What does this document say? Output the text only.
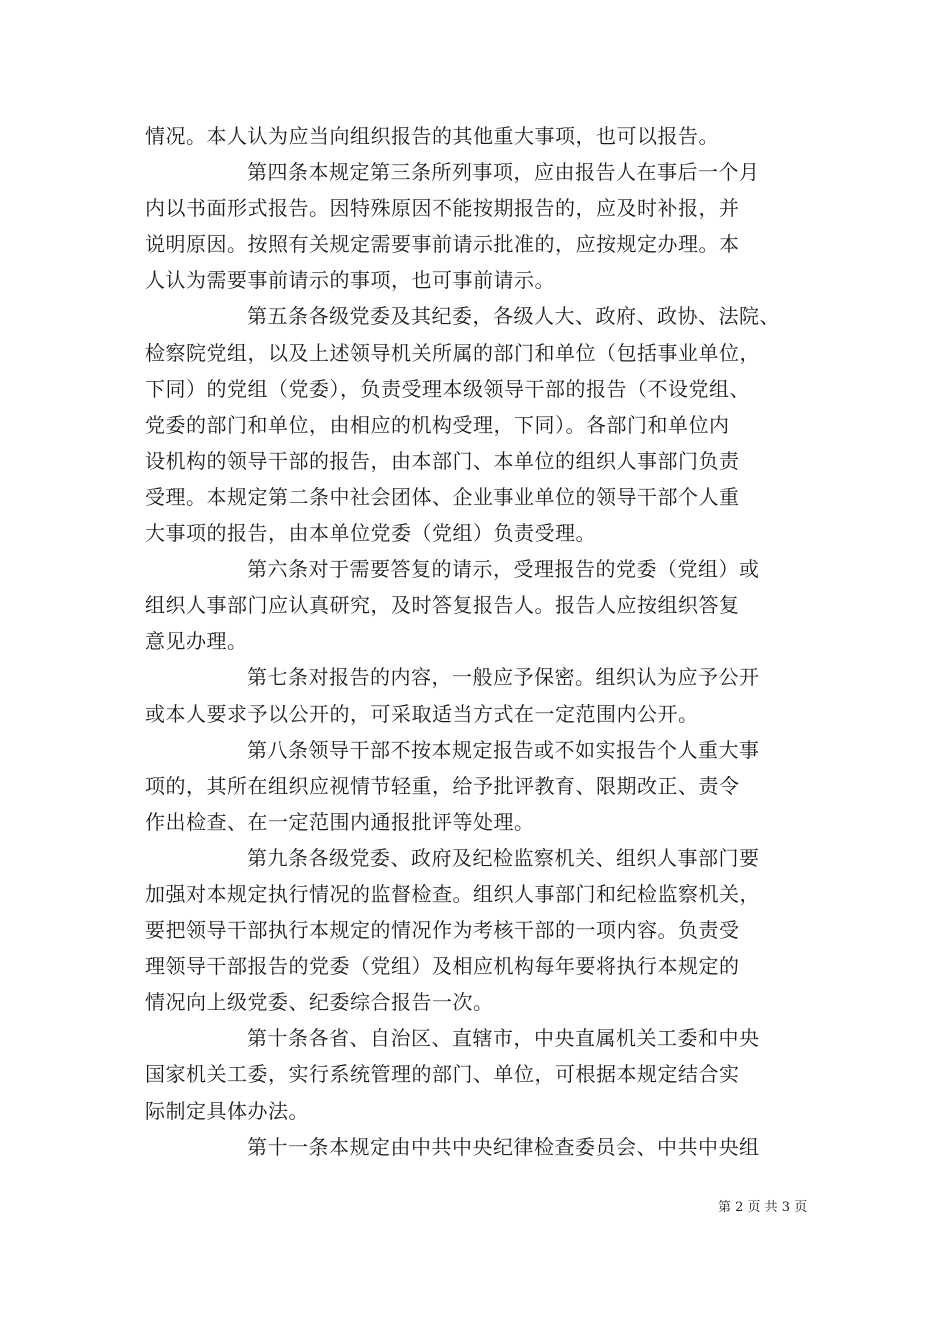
情况。本人认为应当向组织报告的其他重大事项，也可以报告。
第四条本规定第三条所列事项，应由报告人在事后一个月
内以书面形式报告。因特殊原因不能按期报告的，应及时补报，并
说明原因。按照有关规定需要事前请示批准的，应按规定办理。本
人认为需要事前请示的事项，也可事前请示。
第五条各级党委及其纪委，各级人大、政府、政协、法院、
检察院党组，以及上述领导机关所属的部门和单位（包括事业单位，
下同）的党组（党委），负责受理本级领导干部的报告（不设党组、
党委的部门和单位，由相应的机构受理，下同）。各部门和单位内
设机构的领导干部的报告，由本部门、本单位的组织人事部门负责
受理。本规定第二条中社会团体、企业事业单位的领导干部个人重
大事项的报告，由本单位党委（党组）负责受理。
第六条对于需要答复的请示，受理报告的党委（党组）或
组织人事部门应认真研究，及时答复报告人。报告人应按组织答复
意见办理。
第七条对报告的内容，一般应予保密。组织认为应予公开
或本人要求予以公开的，可采取适当方式在一定范围内公开。
第八条领导干部不按本规定报告或不如实报告个人重大事
项的，其所在组织应视情节轻重，给予批评教育、限期改正、责令
作出检查、在一定范围内通报批评等处理。
第九条各级党委、政府及纪检监察机关、组织人事部门要
加强对本规定执行情况的监督检查。组织人事部门和纪检监察机关，
要把领导干部执行本规定的情况作为考核干部的一项内容。负责受
理领导干部报告的党委（党组）及相应机构每年要将执行本规定的
情况向上级党委、纪委综合报告一次。
第十条各省、自治区、直辖市，中央直属机关工委和中央
国家机关工委，实行系统管理的部门、单位，可根据本规定结合实
际制定具体办法。
第十一条本规定由中共中央纪律检查委员会、中共中央组
第 2 页 共 3 页
